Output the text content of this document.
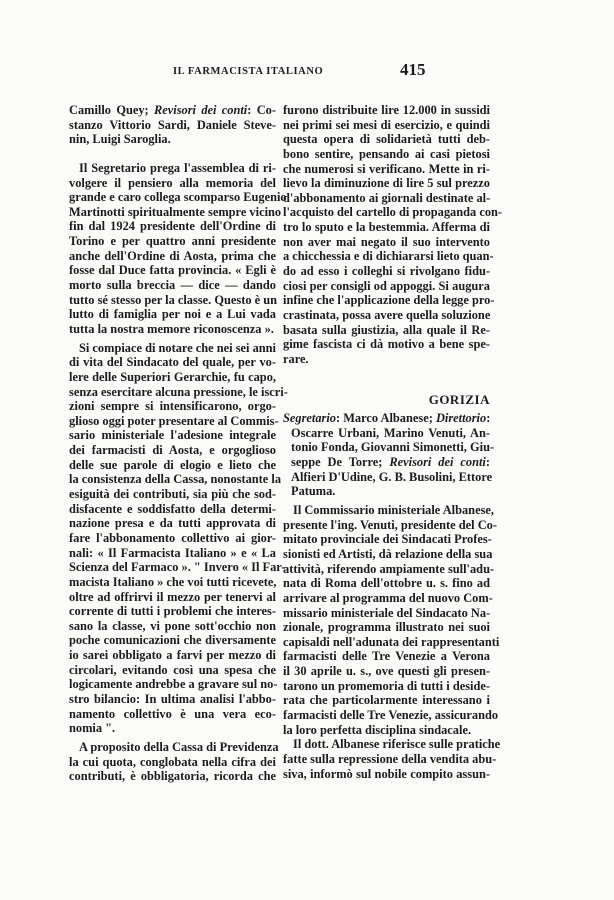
IL FARMACISTA ITALIANO	415
Camillo Quey; Revisori dei conti: Co-
stanzo Vittorio Sardi, Daniele Steve-
nin, Luigi Saroglia.
Il Segretario prega l'assemblea di ri-
volgere il pensiero alla memoria del
grande e caro collega scomparso Eugenio
Martinotti spiritualmente sempre vicino
fin dal 1924 presidente dell'Ordine di
Torino e per quattro anni presidente
anche dell'Ordine di Aosta, prima che
fosse dal Duce fatta provincia. « Egli è
morto sulla breccia — dice — dando
tutto sé stesso per la classe. Questo è un
lutto di famiglia per noi e a Lui vada
tutta la nostra memore riconoscenza ».
Si compiace di notare che nei sei anni
di vita del Sindacato del quale, per vo-
lere delle Superiori Gerarchie, fu capo,
senza esercitare alcuna pressione, le iscri-
zioni sempre si intensificarono, orgo-
glioso oggi poter presentare al Commis-
sario ministeriale l'adesione integrale
dei farmacisti di Aosta, e orgoglioso
delle sue parole di elogio e lieto che
la consistenza della Cassa, nonostante la
esiguità dei contributi, sia più che sod-
disfacente e soddisfatto della determi-
nazione presa e da tutti approvata di
fare l'abbonamento collettivo ai gior-
nali: « Il Farmacista Italiano » e « La
Scienza del Farmaco ». " Invero « Il Far-
macista Italiano » che voi tutti ricevete,
oltre ad offrirvi il mezzo per tenervi al
corrente di tutti i problemi che interes-
sano la classe, vi pone sott'occhio non
poche comunicazioni che diversamente
io sarei obbligato a farvi per mezzo di
circolari, evitando così una spesa che
logicamente andrebbe a gravare sul no-
stro bilancio: In ultima analisi l'abbo-
namento collettivo è una vera eco-
nomia ".
A proposito della Cassa di Previdenza
la cui quota, conglobata nella cifra dei
contributi, è obbligatoria, ricorda che
furono distribuite lire 12.000 in sussidi
nei primi sei mesi di esercizio, e quindi
questa opera di solidarietà tutti deb-
bono sentire, pensando ai casi pietosi
che numerosi si verificano. Mette in ri-
lievo la diminuzione di lire 5 sul prezzo
d'abbonamento ai giornali destinate al-
l'acquisto del cartello di propaganda con-
tro lo sputo e la bestemmia. Afferma di
non aver mai negato il suo intervento
a chicchessia e di dichiararsi lieto quan-
do ad esso i colleghi si rivolgano fidu-
ciosi per consigli od appoggi. Si augura
infine che l'applicazione della legge pro-
crastinata, possa avere quella soluzione
basata sulla giustizia, alla quale il Re-
gime fascista ci dà motivo a bene spe-
rare.
GORIZIA
Segretario: Marco Albanese; Direttorio:
Oscarre Urbani, Marino Venuti, An-
tonio Fonda, Giovanni Simonetti, Giu-
seppe De Torre; Revisori dei conti:
Alfieri D'Udine, G. B. Busolini, Ettore
Patuma.
Il Commissario ministeriale Albanese,
presente l'ing. Venuti, presidente del Co-
mitato provinciale dei Sindacati Profes-
sionisti ed Artisti, dà relazione della sua
attività, riferendo ampiamente sull'adu-
nata di Roma dell'ottobre u. s. fino ad
arrivare al programma del nuovo Com-
missario ministeriale del Sindacato Na-
zionale, programma illustrato nei suoi
capisaldi nell'adunata dei rappresentanti
farmacisti delle Tre Venezie a Verona
il 30 aprile u. s., ove questi gli presen-
tarono un promemoria di tutti i deside-
rata che particolarmente interessano i
farmacisti delle Tre Venezie, assicurando
la loro perfetta disciplina sindacale.
Il dott. Albanese riferisce sulle pratiche
fatte sulla repressione della vendita abu-
siva, informò sul nobile compito assun-
